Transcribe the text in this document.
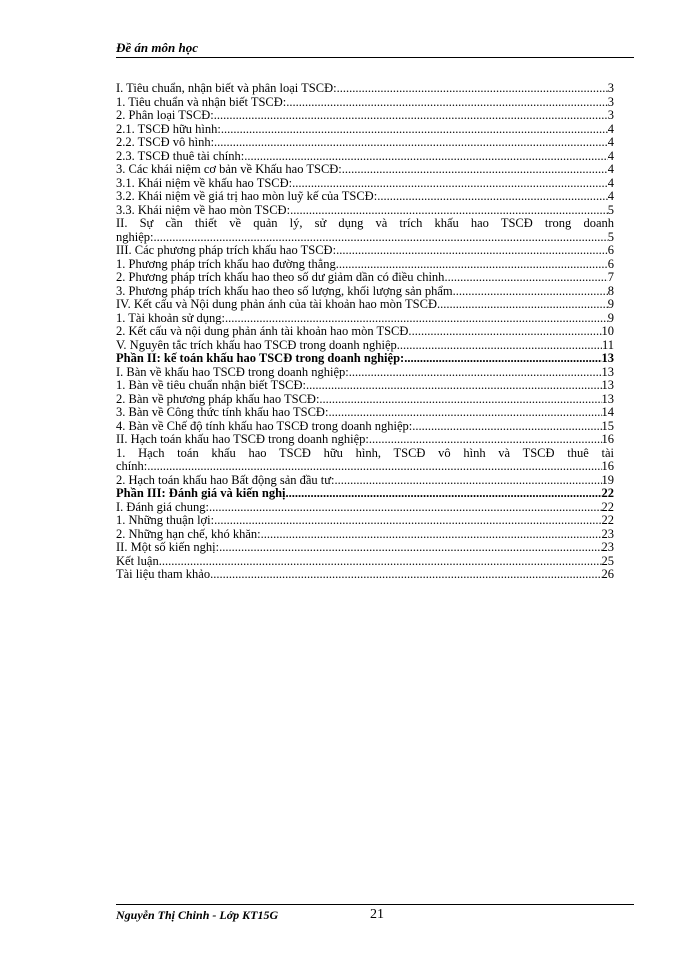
Đề án môn học
I. Tiêu chuẩn, nhận biết và phân loại TSCĐ: .....	3
1. Tiêu chuẩn và nhận biết TSCĐ: .....	3
2. Phân loại TSCĐ: .....	3
2.1. TSCĐ hữu hình: .....	4
2.2. TSCĐ vô hình: .....	4
2.3. TSCĐ thuê tài chính: .....	4
3. Các khái niệm cơ bản về Khấu hao TSCĐ: .....	4
3.1. Khái niệm về khấu hao TSCĐ: .....	4
3.2. Khái niệm về giá trị hao mòn luỹ kế của TSCĐ: .....	4
3.3. Khái niệm về hao mòn TSCĐ: .....	5
II. Sự cần thiết về quản lý, sử dụng và trích khấu hao TSCĐ trong doanh
nghiệp: .....	5
III. Các phương pháp trích khấu hao TSCĐ: .....	6
1. Phương pháp trích khấu hao đường thẳng .....	6
2. Phương pháp trích khấu hao theo số dư giảm dần có điều chỉnh .....	7
3. Phương pháp trích khấu hao theo số lượng, khối lượng sản phẩm .....	8
IV. Kết cấu và Nội dung phản ánh của tài khoản hao mòn TSCĐ .....	9
1. Tài khoản sử dụng: .....	9
2. Kết cấu và nội dung phản ánh tài khoản hao mòn TSCĐ. .....	10
V. Nguyên tắc trích khấu hao TSCĐ trong doanh nghiệp. .....	11
Phần II: kế toán khấu hao TSCĐ trong doanh nghiệp: .....	13
I. Bàn về khấu hao TSCĐ trong doanh nghiệp: .....	13
1. Bàn về tiêu chuẩn nhận biết TSCĐ: .....	13
2. Bàn về phương pháp khấu hao TSCĐ: .....	13
3. Bàn về Công thức tính khấu hao TSCĐ: .....	14
4. Bàn về Chế độ tính khấu hao TSCĐ trong doanh nghiệp: .....	15
II. Hạch toán khấu hao TSCĐ trong doanh nghiệp: .....	16
1. Hạch toán khấu hao TSCĐ hữu hình, TSCĐ vô hình và TSCĐ thuê tài
chính: .....	16
2. Hạch toán khấu hao Bất động sản đầu tư: .....	19
Phần III: Đánh giá và kiến nghị .....	22
I. Đánh giá chung: .....	22
1. Những thuận lợi: .....	22
2. Những hạn chế, khó khăn: .....	23
II. Một số kiến nghị: .....	23
Kết luận .....	25
Tài liệu tham khảo .....	26
Nguyễn Thị Chinh - Lớp KT15G	21
